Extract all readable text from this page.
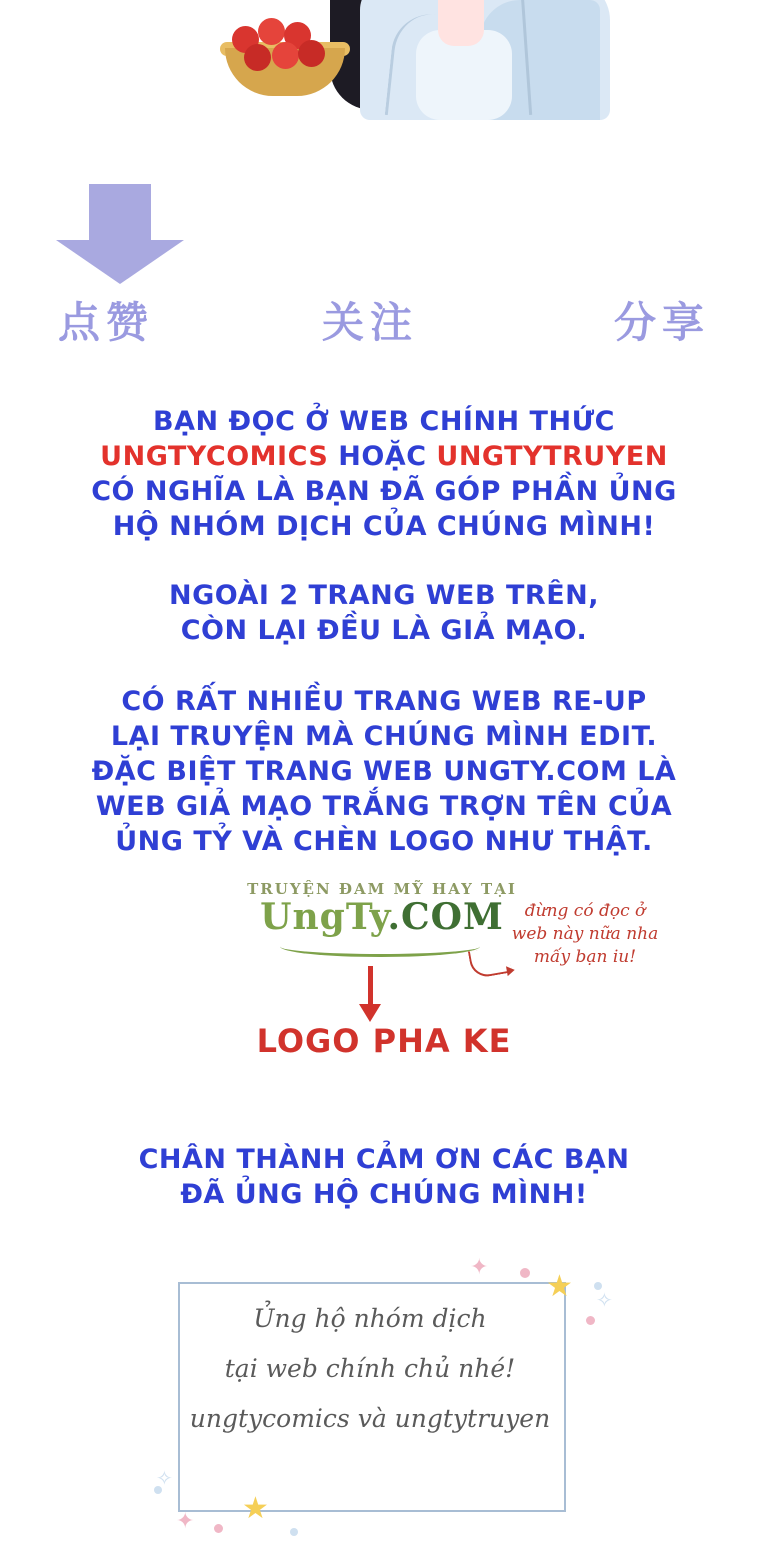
点赞	关注	分享
BẠN ĐỌC Ở WEB CHÍNH THỨC
UNGTYCOMICS HOẶC UNGTYTRUYEN
CÓ NGHĨA LÀ BẠN ĐÃ GÓP PHẦN ỦNG
HỘ NHÓM DỊCH CỦA CHÚNG MÌNH!
NGOÀI 2 TRANG WEB TRÊN,
CÒN LẠI ĐỀU LÀ GIẢ MẠO.
CÓ RẤT NHIỀU TRANG WEB RE-UP
LẠI TRUYỆN MÀ CHÚNG MÌNH EDIT.
ĐẶC BIỆT TRANG WEB UNGTY.COM LÀ
WEB GIẢ MẠO TRẮNG TRỢN TÊN CỦA
ỦNG TỶ VÀ CHÈN LOGO NHƯ THẬT.
TRUYỆN ĐAM MỸ HAY TẠI
UngTy.COM	đừng có đọc ở
web này nữa nha
mấy bạn iu!
LOGO PHA KE
CHÂN THÀNH CẢM ƠN CÁC BẠN
ĐÃ ỦNG HỘ CHÚNG MÌNH!
Ủng hộ nhóm dịch
tại web chính chủ nhé!
ungtycomics và ungtytruyen
✦
★
★
✦
✧
✧
